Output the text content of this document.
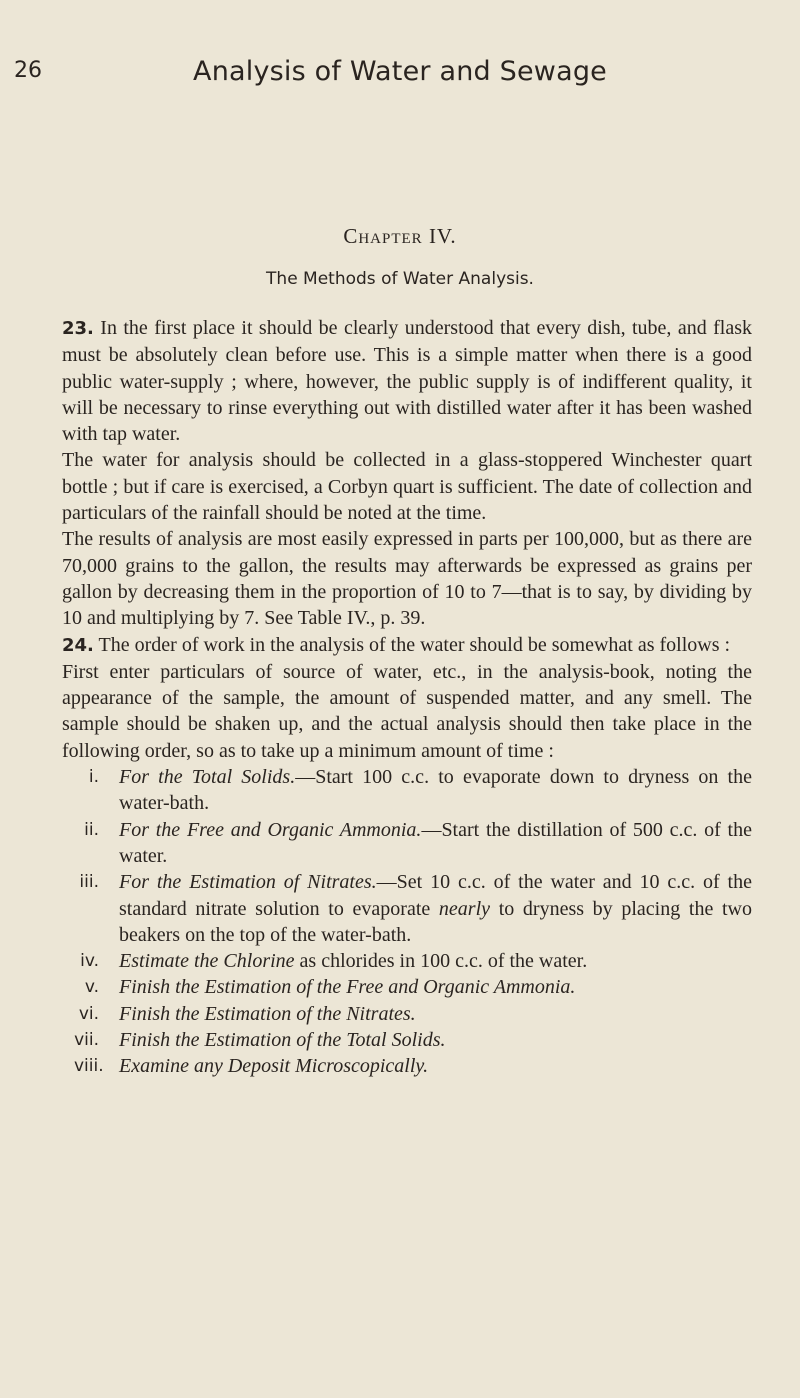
26	Analysis of Water and Sewage
Chapter IV.
The Methods of Water Analysis.

23. In the first place it should be clearly understood that every dish, tube, and flask must be absolutely clean before use. This is a simple matter when there is a good public water-supply ; where, however, the public supply is of indifferent quality, it will be necessary to rinse everything out with distilled water after it has been washed with tap water.

The water for analysis should be collected in a glass-stoppered Winchester quart bottle ; but if care is exercised, a Corbyn quart is sufficient. The date of collection and particulars of the rainfall should be noted at the time.

The results of analysis are most easily expressed in parts per 100,000, but as there are 70,000 grains to the gallon, the results may afterwards be expressed as grains per gallon by decreasing them in the proportion of 10 to 7—that is to say, by dividing by 10 and multiplying by 7. See Table IV., p. 39.

24. The order of work in the analysis of the water should be somewhat as follows :

First enter particulars of source of water, etc., in the analysis-book, noting the appearance of the sample, the amount of suspended matter, and any smell. The sample should be shaken up, and the actual analysis should then take place in the following order, so as to take up a minimum amount of time :

i. For the Total Solids.—Start 100 c.c. to evaporate down to dryness on the water-bath.
ii. For the Free and Organic Ammonia.—Start the distillation of 500 c.c. of the water.
iii. For the Estimation of Nitrates.—Set 10 c.c. of the water and 10 c.c. of the standard nitrate solution to evaporate nearly to dryness by placing the two beakers on the top of the water-bath.
iv. Estimate the Chlorine as chlorides in 100 c.c. of the water.
v. Finish the Estimation of the Free and Organic Ammonia.
vi. Finish the Estimation of the Nitrates.
vii. Finish the Estimation of the Total Solids.
viii. Examine any Deposit Microscopically.
